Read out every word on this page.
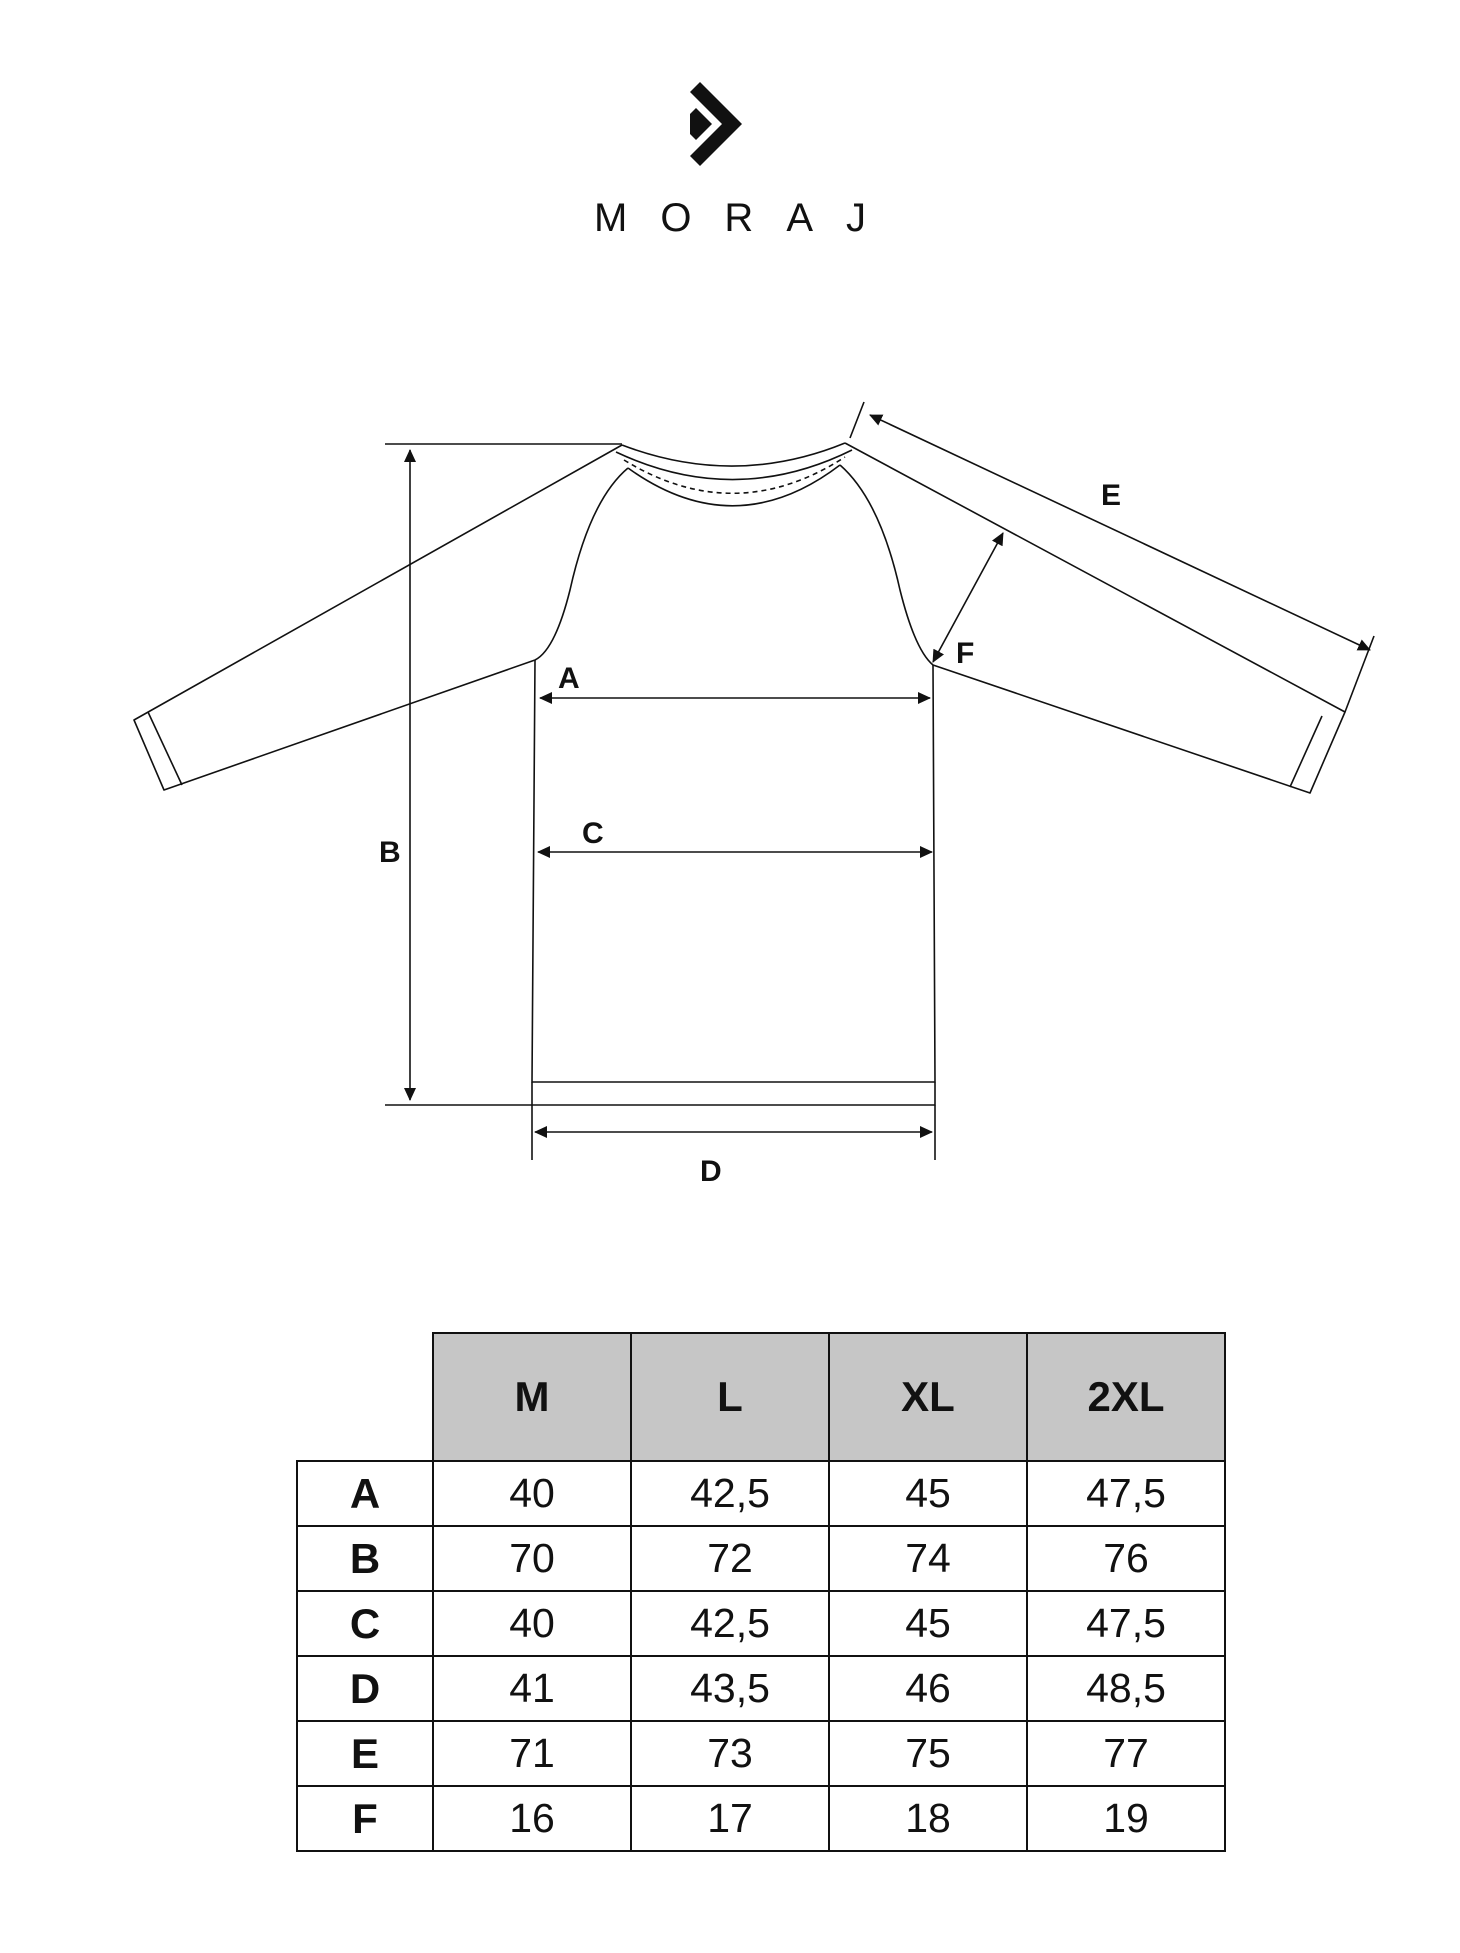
MORAJ
A
B
C
D
E
F
	M	L	XL	2XL
A	40	42,5	45	47,5
B	70	72	74	76
C	40	42,5	45	47,5
D	41	43,5	46	48,5
E	71	73	75	77
F	16	17	18	19
